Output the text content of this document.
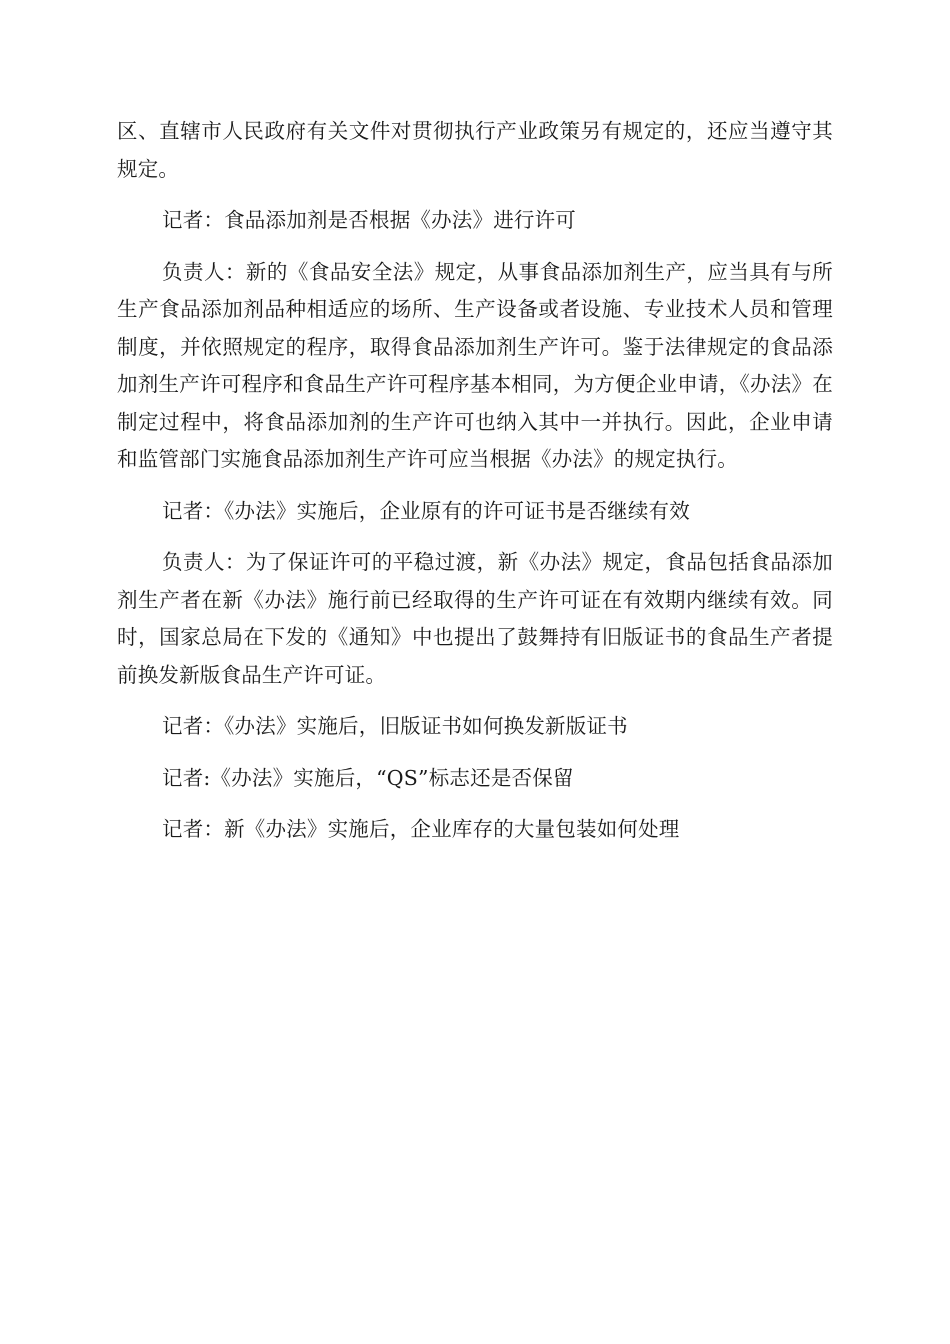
区、直辖市人民政府有关文件对贯彻执行产业政策另有规定的，还应当遵守其规定。

记者：食品添加剂是否根据《办法》进行许可

负责人：新的《食品安全法》规定，从事食品添加剂生产，应当具有与所生产食品添加剂品种相适应的场所、生产设备或者设施、专业技术人员和管理制度，并依照规定的程序，取得食品添加剂生产许可。鉴于法律规定的食品添加剂生产许可程序和食品生产许可程序基本相同，为方便企业申请，《办法》在制定过程中，将食品添加剂的生产许可也纳入其中一并执行。因此，企业申请和监管部门实施食品添加剂生产许可应当根据《办法》的规定执行。

记者：《办法》实施后，企业原有的许可证书是否继续有效

负责人：为了保证许可的平稳过渡，新《办法》规定，食品包括食品添加剂生产者在新《办法》施行前已经取得的生产许可证在有效期内继续有效。同时，国家总局在下发的《通知》中也提出了鼓舞持有旧版证书的食品生产者提前换发新版食品生产许可证。

记者：《办法》实施后，旧版证书如何换发新版证书

记者:《办法》实施后，“QS”标志还是否保留

记者：新《办法》实施后，企业库存的大量包装如何处理
